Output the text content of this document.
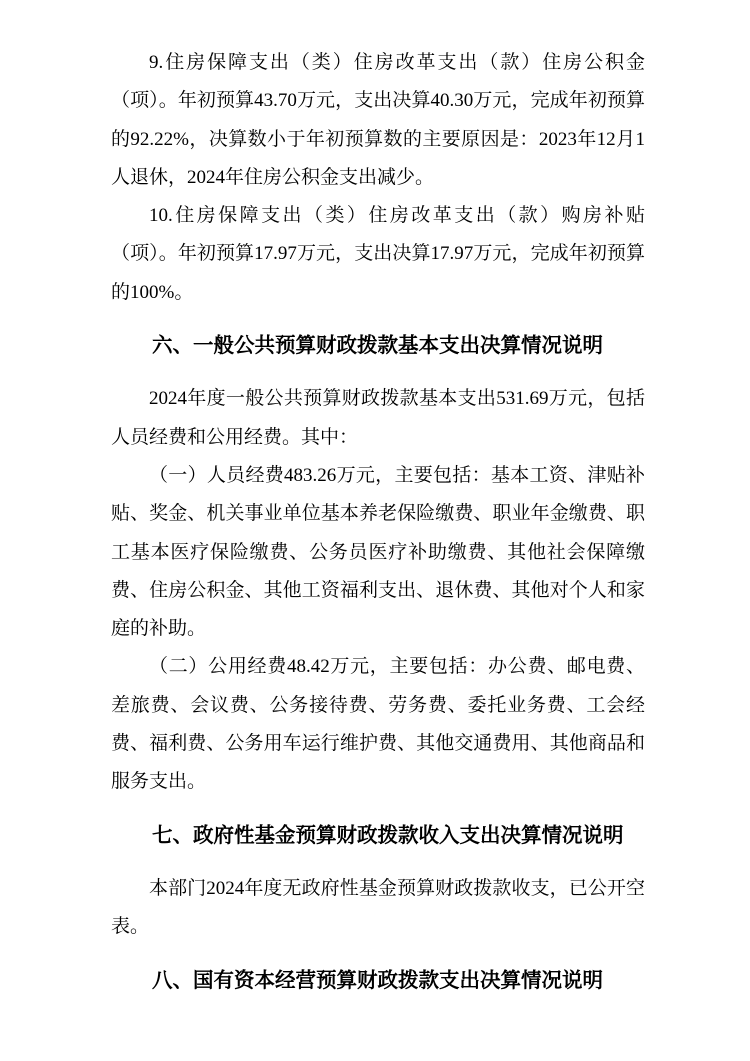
9.住房保障支出（类）住房改革支出（款）住房公积金（项）。年初预算43.70万元，支出决算40.30万元，完成年初预算的92.22%，决算数小于年初预算数的主要原因是：2023年12月1人退休，2024年住房公积金支出减少。

10.住房保障支出（类）住房改革支出（款）购房补贴（项）。年初预算17.97万元，支出决算17.97万元，完成年初预算的100%。

六、一般公共预算财政拨款基本支出决算情况说明

2024年度一般公共预算财政拨款基本支出531.69万元，包括人员经费和公用经费。其中：

（一）人员经费483.26万元，主要包括：基本工资、津贴补贴、奖金、机关事业单位基本养老保险缴费、职业年金缴费、职工基本医疗保险缴费、公务员医疗补助缴费、其他社会保障缴费、住房公积金、其他工资福利支出、退休费、其他对个人和家庭的补助。

（二）公用经费48.42万元，主要包括：办公费、邮电费、差旅费、会议费、公务接待费、劳务费、委托业务费、工会经费、福利费、公务用车运行维护费、其他交通费用、其他商品和服务支出。

七、政府性基金预算财政拨款收入支出决算情况说明

本部门2024年度无政府性基金预算财政拨款收支，已公开空表。

八、国有资本经营预算财政拨款支出决算情况说明
